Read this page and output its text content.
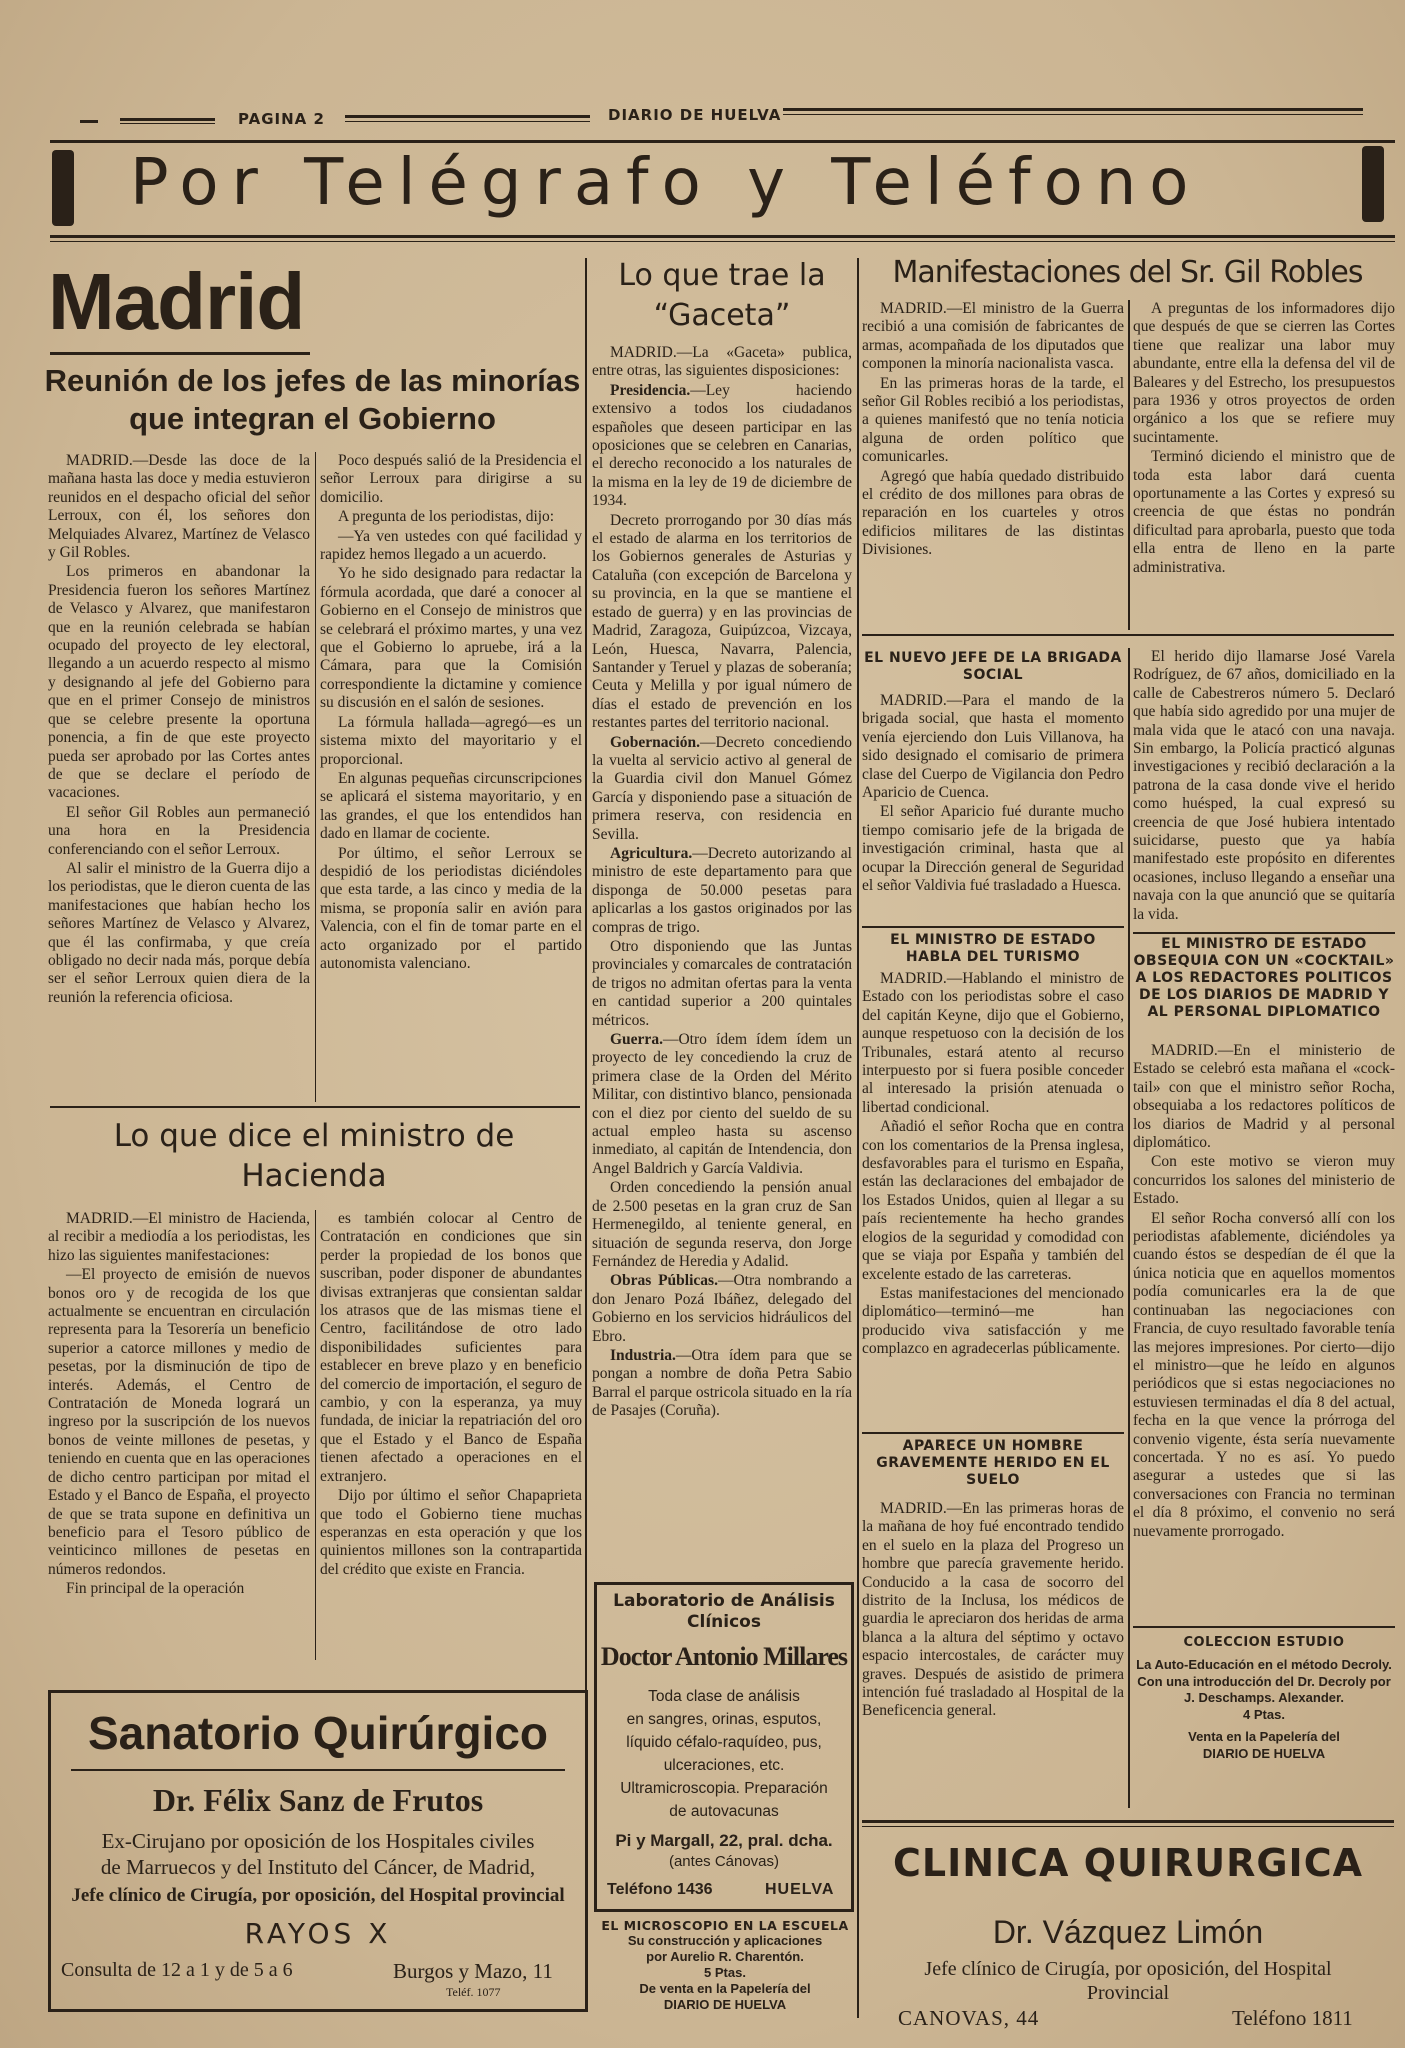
PAGINA 2	DIARIO DE HUELVA
Por Telégrafo y Teléfono
Madrid
Reunión de los jefes de las minorías que integran el Gobierno

MADRID.—Desde las doce de la mañana hasta las doce y media estuvieron reunidos en el despacho oficial del señor Lerroux, con él, los señores don Melquiades Alvarez, Martínez de Velasco y Gil Robles.

Los primeros en abandonar la Presidencia fueron los señores Martínez de Velasco y Alvarez, que manifestaron que en la reunión celebrada se habían ocupado del proyecto de ley electoral, llegando a un acuerdo respecto al mismo y designando al jefe del Gobierno para que en el primer Consejo de ministros que se celebre presente la oportuna ponencia, a fin de que este proyecto pueda ser aprobado por las Cortes antes de que se declare el período de vacaciones.

El señor Gil Robles aun permaneció una hora en la Presidencia conferenciando con el señor Lerroux.

Al salir el ministro de la Guerra dijo a los periodistas, que le dieron cuenta de las manifestaciones que habían hecho los señores Martínez de Velasco y Alvarez, que él las confirmaba, y que creía obligado no decir nada más, porque debía ser el señor Lerroux quien diera de la reunión la referencia oficiosa.

Poco después salió de la Presidencia el señor Lerroux para dirigirse a su domicilio.

A pregunta de los periodistas, dijo:

—Ya ven ustedes con qué facilidad y rapidez hemos llegado a un acuerdo.

Yo he sido designado para redactar la fórmula acordada, que daré a conocer al Gobierno en el Consejo de ministros que se celebrará el próximo martes, y una vez que el Gobierno lo apruebe, irá a la Cámara, para que la Comisión correspondiente la dictamine y comience su discusión en el salón de sesiones.

La fórmula hallada—agregó—es un sistema mixto del mayoritario y el proporcional.

En algunas pequeñas circunscripciones se aplicará el sistema mayoritario, y en las grandes, el que los entendidos han dado en llamar de cociente.

Por último, el señor Lerroux se despidió de los periodistas diciéndoles que esta tarde, a las cinco y media de la misma, se proponía salir en avión para Valencia, con el fin de tomar parte en el acto organizado por el partido autonomista valenciano.

Lo que dice el ministro de Hacienda

MADRID.—El ministro de Hacienda, al recibir a mediodía a los periodistas, les hizo las siguientes manifestaciones:

—El proyecto de emisión de nuevos bonos oro y de recogida de los que actualmente se encuentran en circulación representa para la Tesorería un beneficio superior a catorce millones y medio de pesetas, por la disminución de tipo de interés. Además, el Centro de Contratación de Moneda logrará un ingreso por la suscripción de los nuevos bonos de veinte millones de pesetas, y teniendo en cuenta que en las operaciones de dicho centro participan por mitad el Estado y el Banco de España, el proyecto de que se trata supone en definitiva un beneficio para el Tesoro público de veinticinco millones de pesetas en números redondos.

Fin principal de la operación

es también colocar al Centro de Contratación en condiciones que sin perder la propiedad de los bonos que suscriban, poder disponer de abundantes divisas extranjeras que consientan saldar los atrasos que de las mismas tiene el Centro, facilitándose de otro lado disponibilidades suficientes para establecer en breve plazo y en beneficio del comercio de importación, el seguro de cambio, y con la esperanza, ya muy fundada, de iniciar la repatriación del oro que el Estado y el Banco de España tienen afectado a operaciones en el extranjero.

Dijo por último el señor Chapaprieta que todo el Gobierno tiene muchas esperanzas en esta operación y que los quinientos millones son la contrapartida del crédito que existe en Francia.

Sanatorio Quirúrgico
Dr. Félix Sanz de Frutos
Ex-Cirujano por oposición de los Hospitales civiles
de Marruecos y del Instituto del Cáncer, de Madrid,
Jefe clínico de Cirugía, por oposición, del Hospital provincial
RAYOS X
Consulta de 12 a 1 y de 5 a 6	Burgos y Mazo, 11
Teléf. 1077
Lo que trae la “Gaceta”

MADRID.—La «Gaceta» publica, entre otras, las siguientes disposiciones:

Presidencia.—Ley haciendo extensivo a todos los ciudadanos españoles que deseen participar en las oposiciones que se celebren en Canarias, el derecho reconocido a los naturales de la misma en la ley de 19 de diciembre de 1934.

Decreto prorrogando por 30 días más el estado de alarma en los territorios de los Gobiernos generales de Asturias y Cataluña (con excepción de Barcelona y su provincia, en la que se mantiene el estado de guerra) y en las provincias de Madrid, Zaragoza, Guipúzcoa, Vizcaya, León, Huesca, Navarra, Palencia, Santander y Teruel y plazas de soberanía; Ceuta y Melilla y por igual número de días el estado de prevención en los restantes partes del territorio nacional.

Gobernación.—Decreto concediendo la vuelta al servicio activo al general de la Guardia civil don Manuel Gómez García y disponiendo pase a situación de primera reserva, con residencia en Sevilla.

Agricultura.—Decreto autorizando al ministro de este departamento para que disponga de 50.000 pesetas para aplicarlas a los gastos originados por las compras de trigo.

Otro disponiendo que las Juntas provinciales y comarcales de contratación de trigos no admitan ofertas para la venta en cantidad superior a 200 quintales métricos.

Guerra.—Otro ídem ídem ídem un proyecto de ley concediendo la cruz de primera clase de la Orden del Mérito Militar, con distintivo blanco, pensionada con el diez por ciento del sueldo de su actual empleo hasta su ascenso inmediato, al capitán de Intendencia, don Angel Baldrich y García Valdivia.

Orden concediendo la pensión anual de 2.500 pesetas en la gran cruz de San Hermenegildo, al teniente general, en situación de segunda reserva, don Jorge Fernández de Heredia y Adalid.

Obras Públicas.—Otra nombrando a don Jenaro Pozá Ibáñez, delegado del Gobierno en los servicios hidráulicos del Ebro.

Industria.—Otra ídem para que se pongan a nombre de doña Petra Sabio Barral el parque ostricola situado en la ría de Pasajes (Coruña).

Laboratorio de Análisis Clínicos
Doctor Antonio Millares
Toda clase de análisis
en sangres, orinas, esputos,
líquido céfalo-raquídeo, pus,
ulceraciones, etc.
Ultramicroscopia. Preparación
de autovacunas
Pi y Margall, 22, pral. dcha.
(antes Cánovas)
Teléfono 1436	HUELVA
EL MICROSCOPIO EN LA ESCUELA
Su construcción y aplicaciones
por Aurelio R. Charentón.
5 Ptas.
De venta en la Papelería del
DIARIO DE HUELVA
Manifestaciones del Sr. Gil Robles

MADRID.—El ministro de la Guerra recibió a una comisión de fabricantes de armas, acompañada de los diputados que componen la minoría nacionalista vasca.

En las primeras horas de la tarde, el señor Gil Robles recibió a los periodistas, a quienes manifestó que no tenía noticia alguna de orden político que comunicarles.

Agregó que había quedado distribuido el crédito de dos millones para obras de reparación en los cuarteles y otros edificios militares de las distintas Divisiones.

A preguntas de los informadores dijo que después de que se cierren las Cortes tiene que realizar una labor muy abundante, entre ella la defensa del vil de Baleares y del Estrecho, los presupuestos para 1936 y otros proyectos de orden orgánico a los que se refiere muy sucintamente.

Terminó diciendo el ministro que de toda esta labor dará cuenta oportunamente a las Cortes y expresó su creencia de que éstas no pondrán dificultad para aprobarla, puesto que toda ella entra de lleno en la parte administrativa.

EL NUEVO JEFE DE LA BRIGADA SOCIAL

MADRID.—Para el mando de la brigada social, que hasta el momento venía ejerciendo don Luis Villanova, ha sido designado el comisario de primera clase del Cuerpo de Vigilancia don Pedro Aparicio de Cuenca.

El señor Aparicio fué durante mucho tiempo comisario jefe de la brigada de investigación criminal, hasta que al ocupar la Dirección general de Seguridad el señor Valdivia fué trasladado a Huesca.

EL MINISTRO DE ESTADO HABLA DEL TURISMO

MADRID.—Hablando el ministro de Estado con los periodistas sobre el caso del capitán Keyne, dijo que el Gobierno, aunque respetuoso con la decisión de los Tribunales, estará atento al recurso interpuesto por si fuera posible conceder al interesado la prisión atenuada o libertad condicional.

Añadió el señor Rocha que en contra con los comentarios de la Prensa inglesa, desfavorables para el turismo en España, están las declaraciones del embajador de los Estados Unidos, quien al llegar a su país recientemente ha hecho grandes elogios de la seguridad y comodidad con que se viaja por España y también del excelente estado de las carreteras.

Estas manifestaciones del mencionado diplomático—terminó—me han producido viva satisfacción y me complazco en agradecerlas públicamente.

APARECE UN HOMBRE GRAVEMENTE HERIDO EN EL SUELO

MADRID.—En las primeras horas de la mañana de hoy fué encontrado tendido en el suelo en la plaza del Progreso un hombre que parecía gravemente herido. Conducido a la casa de socorro del distrito de la Inclusa, los médicos de guardia le apreciaron dos heridas de arma blanca a la altura del séptimo y octavo espacio intercostales, de carácter muy graves. Después de asistido de primera intención fué trasladado al Hospital de la Beneficencia general.

El herido dijo llamarse José Varela Rodríguez, de 67 años, domiciliado en la calle de Cabestreros número 5. Declaró que había sido agredido por una mujer de mala vida que le atacó con una navaja. Sin embargo, la Policía practicó algunas investigaciones y recibió declaración a la patrona de la casa donde vive el herido como huésped, la cual expresó su creencia de que José hubiera intentado suicidarse, puesto que ya había manifestado este propósito en diferentes ocasiones, incluso llegando a enseñar una navaja con la que anunció que se quitaría la vida.

EL MINISTRO DE ESTADO OBSEQUIA CON UN «COCKTAIL» A LOS REDACTORES POLITICOS DE LOS DIARIOS DE MADRID Y AL PERSONAL DIPLOMATICO

MADRID.—En el ministerio de Estado se celebró esta mañana el «cock-tail» con que el ministro señor Rocha, obsequiaba a los redactores políticos de los diarios de Madrid y al personal diplomático.

Con este motivo se vieron muy concurridos los salones del ministerio de Estado.

El señor Rocha conversó allí con los periodistas afablemente, diciéndoles ya cuando éstos se despedían de él que la única noticia que en aquellos momentos podía comunicarles era la de que continuaban las negociaciones con Francia, de cuyo resultado favorable tenía las mejores impresiones. Por cierto—dijo el ministro—que he leído en algunos periódicos que si estas negociaciones no estuviesen terminadas el día 8 del actual, fecha en la que vence la prórroga del convenio vigente, ésta sería nuevamente concertada. Y no es así. Yo puedo asegurar a ustedes que si las conversaciones con Francia no terminan el día 8 próximo, el convenio no será nuevamente prorrogado.

COLECCION ESTUDIO
La Auto-Educación en el método Decroly. Con una introducción del Dr. Decroly por J. Deschamps. Alexander.
4 Ptas.
Venta en la Papelería del
DIARIO DE HUELVA
CLINICA QUIRURGICA
Dr. Vázquez Limón
Jefe clínico de Cirugía, por oposición, del Hospital
Provincial
CANOVAS, 44	Teléfono 1811
